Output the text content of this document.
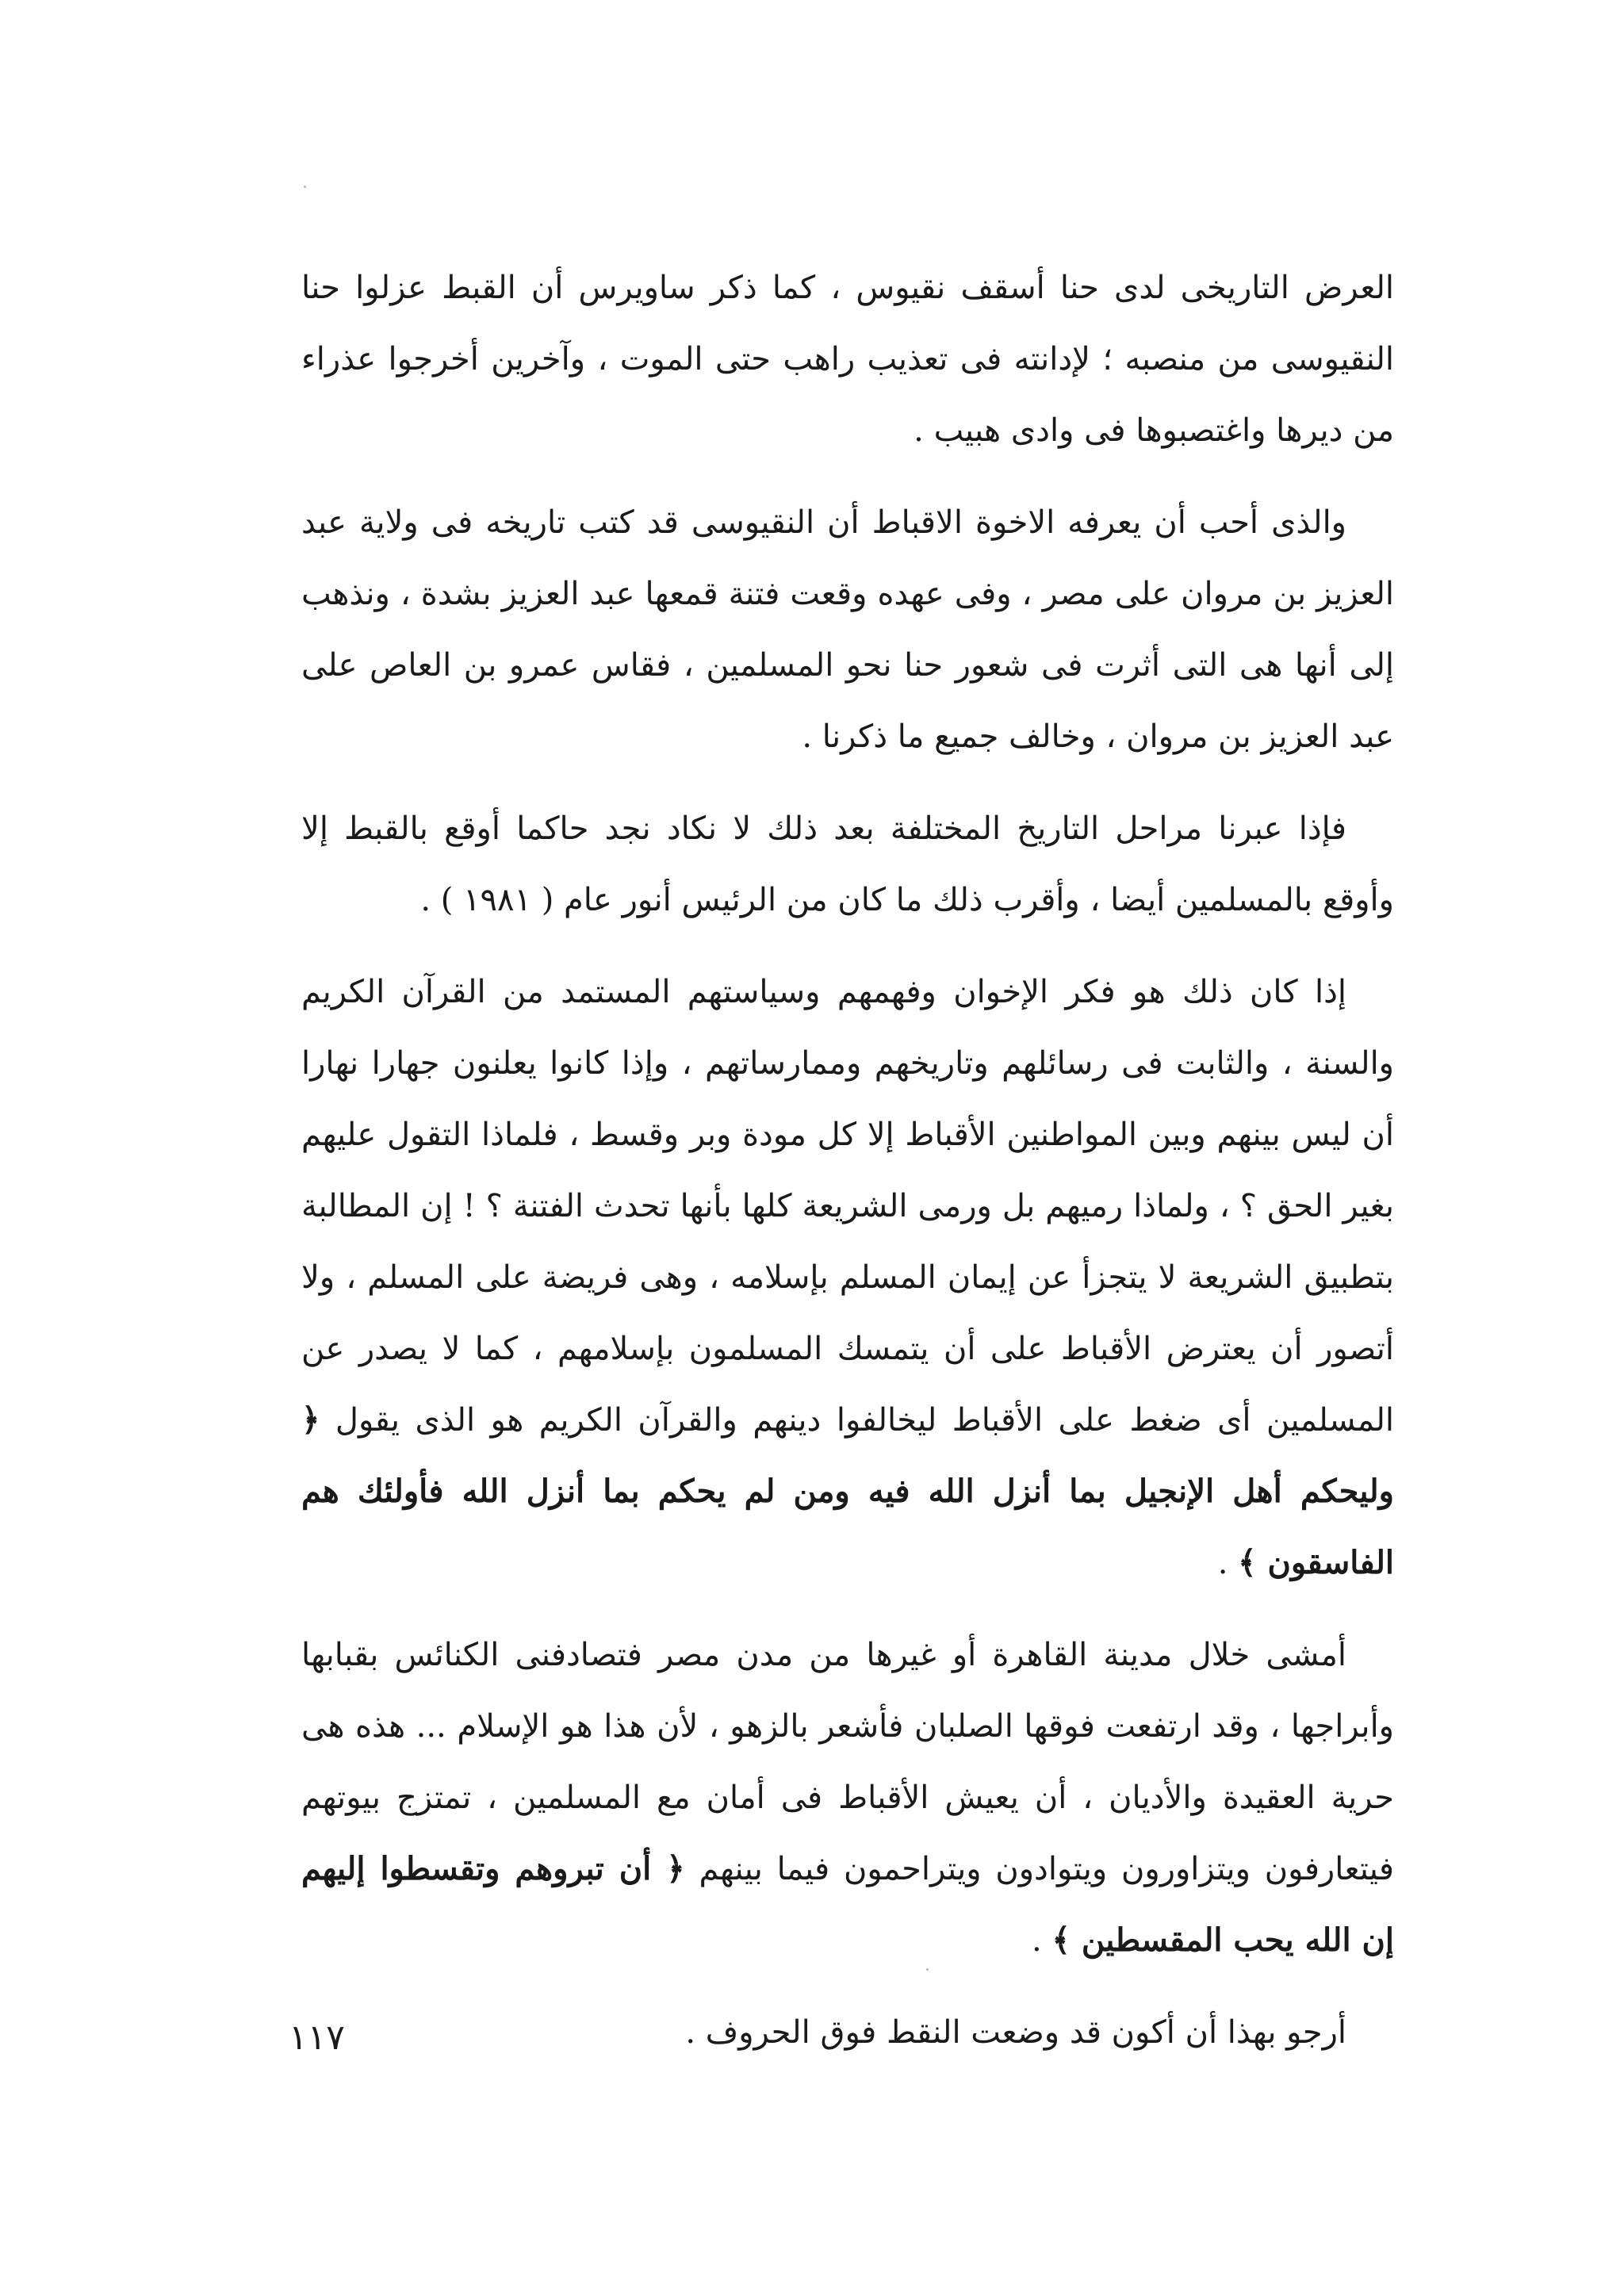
العرض التاريخى لدى حنا أسقف نقيوس ، كما ذكر ساويرس أن القبط عزلوا حنا النقيوسى من منصبه ؛ لإدانته فى تعذيب راهب حتى الموت ، وآخرين أخرجوا عذراء من ديرها واغتصبوها فى وادى هبيب .

والذى أحب أن يعرفه الاخوة الاقباط أن النقيوسى قد كتب تاريخه فى ولاية عبد العزيز بن مروان على مصر ، وفى عهده وقعت فتنة قمعها عبد العزيز بشدة ، ونذهب إلى أنها هى التى أثرت فى شعور حنا نحو المسلمين ، فقاس عمرو بن العاص على عبد العزيز بن مروان ، وخالف جميع ما ذكرنا .

فإذا عبرنا مراحل التاريخ المختلفة بعد ذلك لا نكاد نجد حاكما أوقع بالقبط إلا وأوقع بالمسلمين أيضا ، وأقرب ذلك ما كان من الرئيس أنور عام ( ١٩٨١ ) .

إذا كان ذلك هو فكر الإخوان وفهمهم وسياستهم المستمد من القرآن الكريم والسنة ، والثابت فى رسائلهم وتاريخهم وممارساتهم ، وإذا كانوا يعلنون جهارا نهارا أن ليس بينهم وبين المواطنين الأقباط إلا كل مودة وبر وقسط ، فلماذا التقول عليهم بغير الحق ؟ ، ولماذا رميهم بل ورمى الشريعة كلها بأنها تحدث الفتنة ؟ ! إن المطالبة بتطبيق الشريعة لا يتجزأ عن إيمان المسلم بإسلامه ، وهى فريضة على المسلم ، ولا أتصور أن يعترض الأقباط على أن يتمسك المسلمون بإسلامهم ، كما لا يصدر عن المسلمين أى ضغط على الأقباط ليخالفوا دينهم والقرآن الكريم هو الذى يقول ﴿ وليحكم أهل الإنجيل بما أنزل الله فيه ومن لم يحكم بما أنزل الله فأولئك هم الفاسقون ﴾ .

أمشى خلال مدينة القاهرة أو غيرها من مدن مصر فتصادفنى الكنائس بقبابها وأبراجها ، وقد ارتفعت فوقها الصلبان فأشعر بالزهو ، لأن هذا هو الإسلام ... هذه هى حرية العقيدة والأديان ، أن يعيش الأقباط فى أمان مع المسلمين ، تمتزج بيوتهم فيتعارفون ويتزاورون ويتوادون ويتراحمون فيما بينهم ﴿ أن تبروهم وتقسطوا إليهم إن الله يحب المقسطين ﴾ .

أرجو بهذا أن أكون قد وضعت النقط فوق الحروف .

١١٧
